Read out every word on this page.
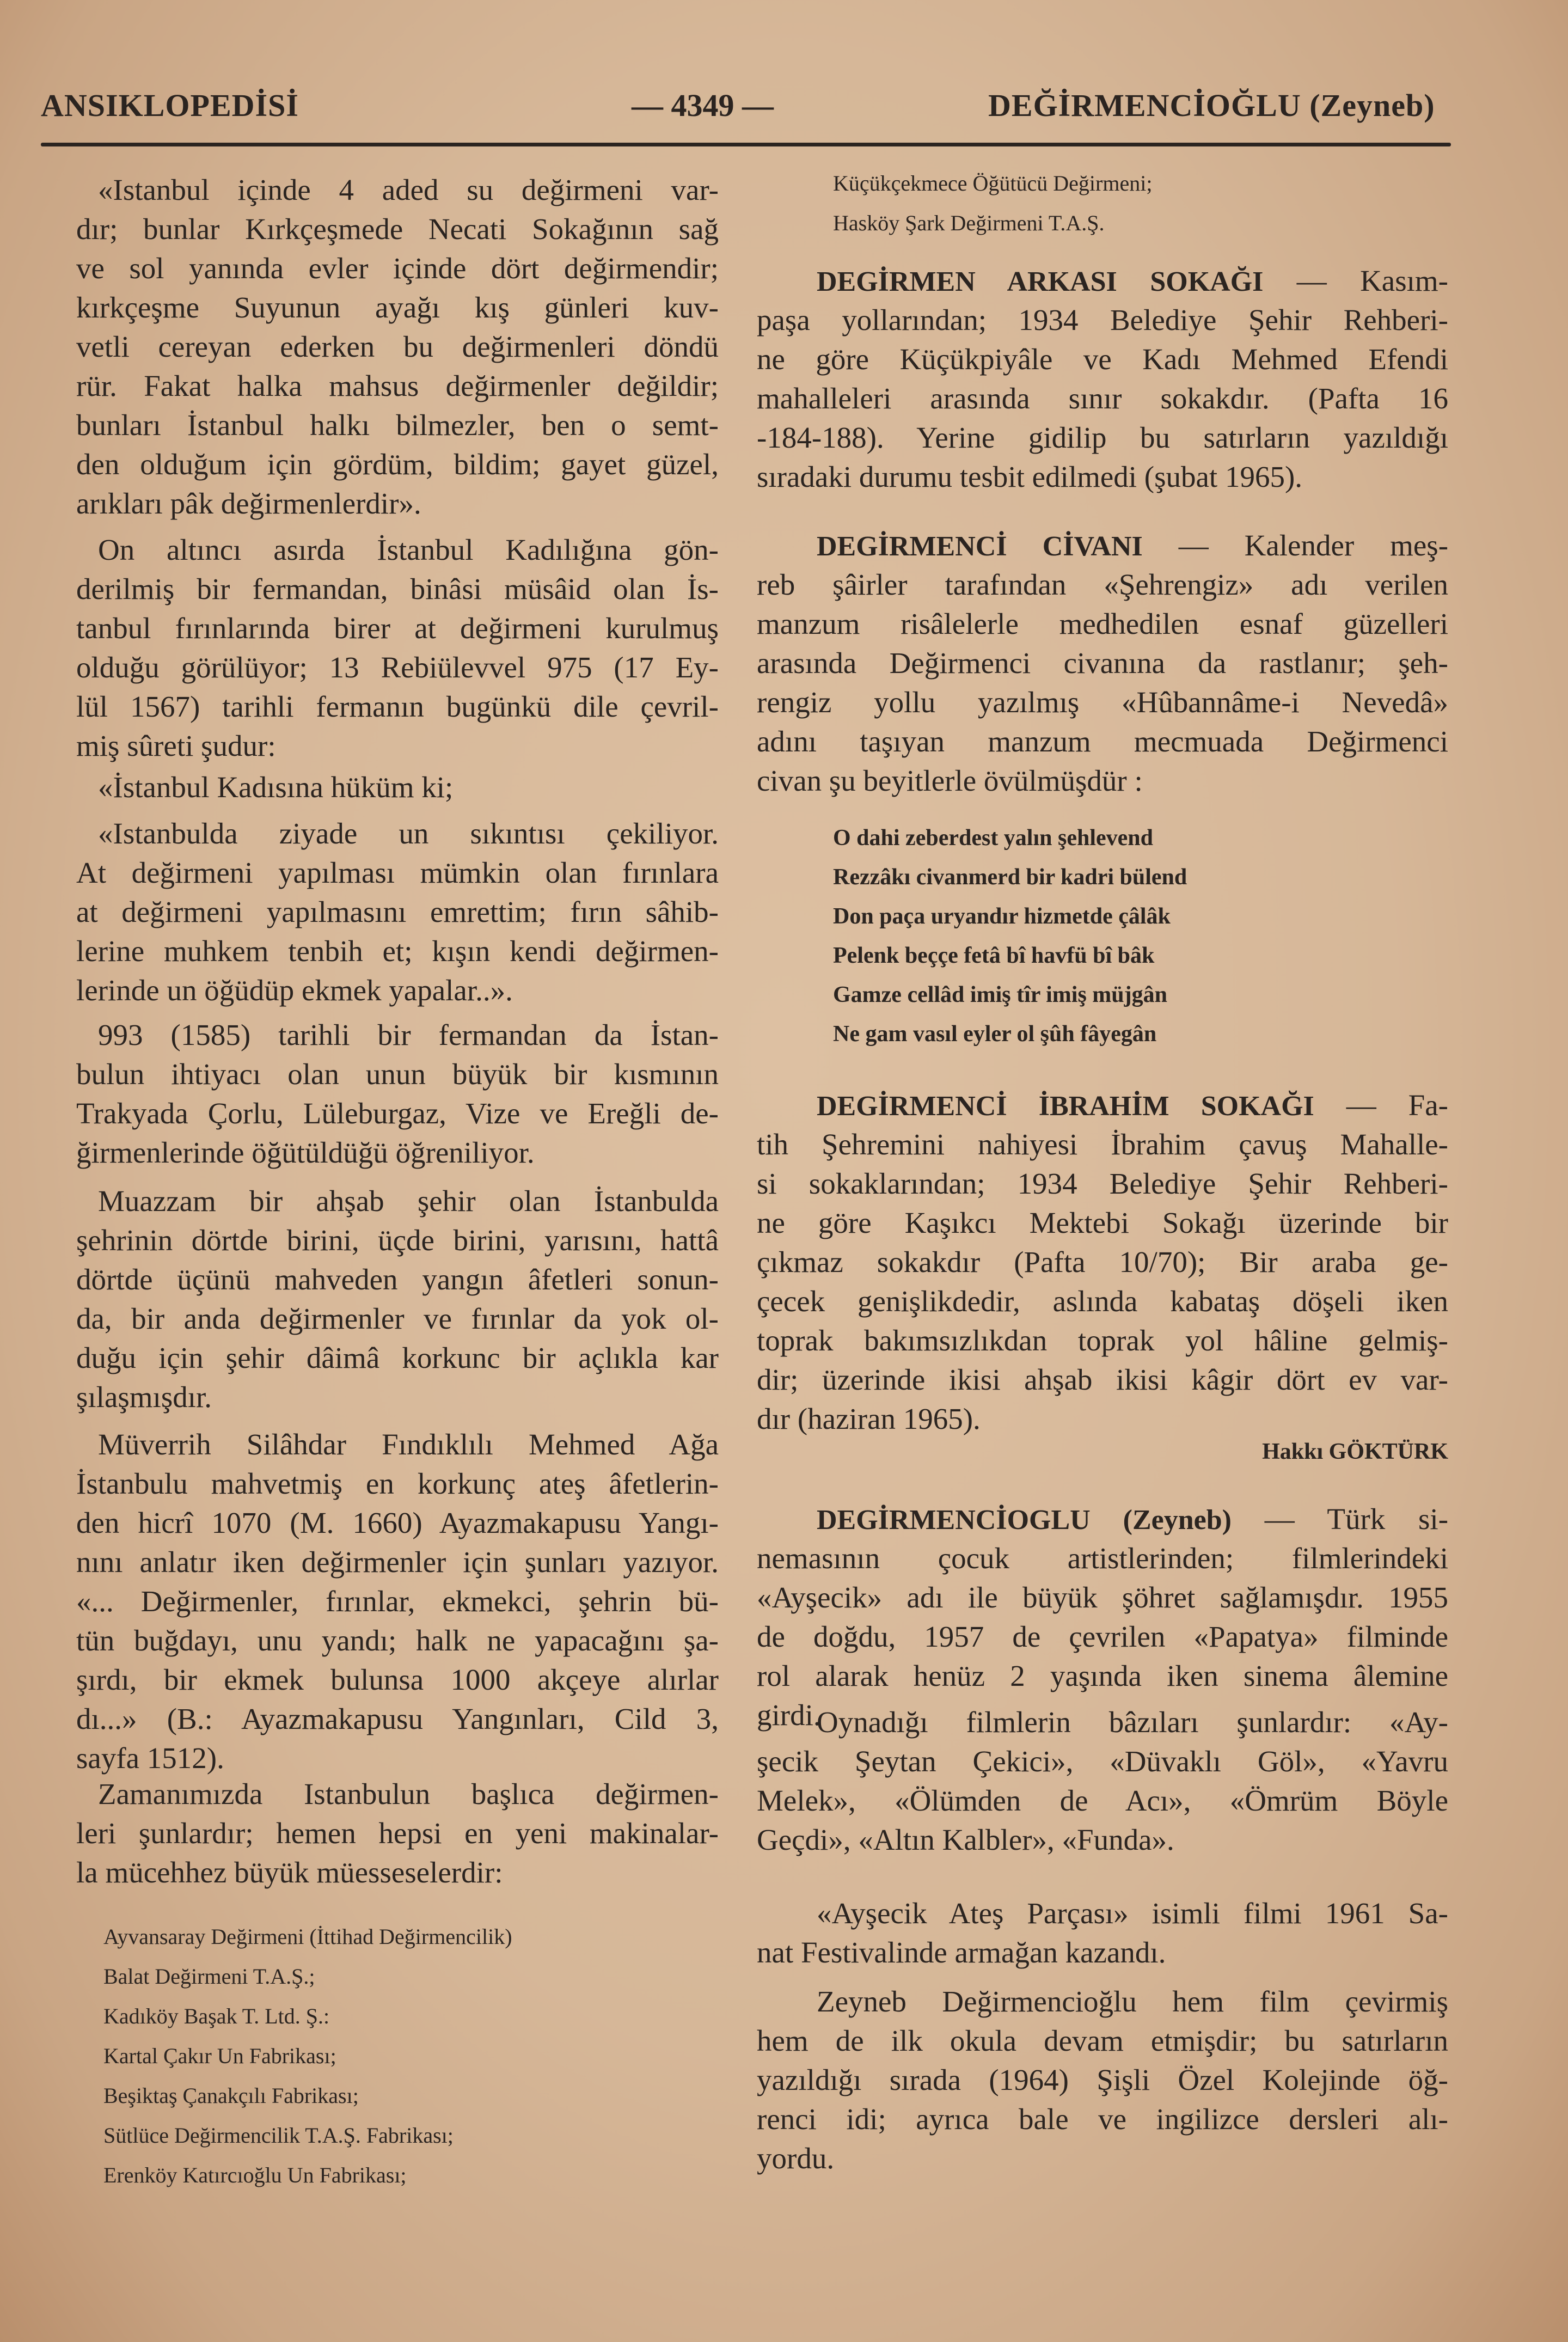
ANSIKLOPEDİSİ	— 4349 —	DEĞİRMENCİOĞLU (Zeyneb)
«Istanbul içinde 4 aded su değirmeni var-
dır; bunlar Kırkçeşmede Necati Sokağının sağ
ve sol yanında evler içinde dört değirmendir;
kırkçeşme Suyunun ayağı kış günleri kuv-
vetli cereyan ederken bu değirmenleri döndü
rür. Fakat halka mahsus değirmenler değildir;
bunları İstanbul halkı bilmezler, ben o semt-
den olduğum için gördüm, bildim; gayet güzel,
arıkları pâk değirmenlerdir».
On altıncı asırda İstanbul Kadılığına gön-
derilmiş bir fermandan, binâsi müsâid olan İs-
tanbul fırınlarında birer at değirmeni kurulmuş
olduğu görülüyor; 13 Rebiülevvel 975 (17 Ey-
lül 1567) tarihli fermanın bugünkü dile çevril-
miş sûreti şudur:
«İstanbul Kadısına hüküm ki;
«Istanbulda ziyade un sıkıntısı çekiliyor.
At değirmeni yapılması mümkin olan fırınlara
at değirmeni yapılmasını emrettim; fırın sâhib-
lerine muhkem tenbih et; kışın kendi değirmen-
lerinde un öğüdüp ekmek yapalar..».
993 (1585) tarihli bir fermandan da İstan-
bulun ihtiyacı olan unun büyük bir kısmının
Trakyada Çorlu, Lüleburgaz, Vize ve Ereğli de-
ğirmenlerinde öğütüldüğü öğreniliyor.
Muazzam bir ahşab şehir olan İstanbulda
şehrinin dörtde birini, üçde birini, yarısını, hattâ
dörtde üçünü mahveden yangın âfetleri sonun-
da, bir anda değirmenler ve fırınlar da yok ol-
duğu için şehir dâimâ korkunc bir açlıkla kar
şılaşmışdır.
Müverrih Silâhdar Fındıklılı Mehmed Ağa
İstanbulu mahvetmiş en korkunç ateş âfetlerin-
den hicrî 1070 (M. 1660) Ayazmakapusu Yangı-
nını anlatır iken değirmenler için şunları yazıyor.
«... Değirmenler, fırınlar, ekmekci, şehrin bü-
tün buğdayı, unu yandı; halk ne yapacağını şa-
şırdı, bir ekmek bulunsa 1000 akçeye alırlar
dı...» (B.: Ayazmakapusu Yangınları, Cild 3,
sayfa 1512).
Zamanımızda Istanbulun başlıca değirmen-
leri şunlardır; hemen hepsi en yeni makinalar-
la mücehhez büyük müesseselerdir:
Ayvansaray Değirmeni (İttihad Değirmencilik)
Balat Değirmeni T.A.Ş.;
Kadıköy Başak T. Ltd. Ş.:
Kartal Çakır Un Fabrikası;
Beşiktaş Çanakçılı Fabrikası;
Sütlüce Değirmencilik T.A.Ş. Fabrikası;
Erenköy Katırcıoğlu Un Fabrikası;
Küçükçekmece Öğütücü Değirmeni;
Hasköy Şark Değirmeni T.A.Ş.
DEGİRMEN ARKASI SOKAĞI — Kasım-
paşa yollarından; 1934 Belediye Şehir Rehberi-
ne göre Küçükpiyâle ve Kadı Mehmed Efendi
mahalleleri arasında sınır sokakdır. (Pafta 16
-184-188). Yerine gidilip bu satırların yazıldığı
sıradaki durumu tesbit edilmedi (şubat 1965).
DEGİRMENCİ CİVANI — Kalender meş-
reb şâirler tarafından «Şehrengiz» adı verilen
manzum risâlelerle medhedilen esnaf güzelleri
arasında Değirmenci civanına da rastlanır; şeh-
rengiz yollu yazılmış «Hûbannâme-i Nevedâ»
adını taşıyan manzum mecmuada Değirmenci
civan şu beyitlerle övülmüşdür :
O dahi zeberdest yalın şehlevend
Rezzâkı civanmerd bir kadri bülend
Don paça uryandır hizmetde çâlâk
Pelenk beççe fetâ bî havfü bî bâk
Gamze cellâd imiş tîr imiş müjgân
Ne gam vasıl eyler ol şûh fâyegân
DEGİRMENCİ İBRAHİM SOKAĞI — Fa-
tih Şehremini nahiyesi İbrahim çavuş Mahalle-
si sokaklarından; 1934 Belediye Şehir Rehberi-
ne göre Kaşıkcı Mektebi Sokağı üzerinde bir
çıkmaz sokakdır (Pafta 10/70); Bir araba ge-
çecek genişlikdedir, aslında kabataş döşeli iken
toprak bakımsızlıkdan toprak yol hâline gelmiş-
dir; üzerinde ikisi ahşab ikisi kâgir dört ev var-
dır (haziran 1965).
Hakkı GÖKTÜRK
DEGİRMENCİOGLU (Zeyneb) — Türk si-
nemasının çocuk artistlerinden; filmlerindeki
«Ayşecik» adı ile büyük şöhret sağlamışdır. 1955
de doğdu, 1957 de çevrilen «Papatya» filminde
rol alarak henüz 2 yaşında iken sinema âlemine
girdi.
Oynadığı filmlerin bâzıları şunlardır: «Ay-
şecik Şeytan Çekici», «Düvaklı Göl», «Yavru
Melek», «Ölümden de Acı», «Ömrüm Böyle
Geçdi», «Altın Kalbler», «Funda».
«Ayşecik Ateş Parçası» isimli filmi 1961 Sa-
nat Festivalinde armağan kazandı.
Zeyneb Değirmencioğlu hem film çevirmiş
hem de ilk okula devam etmişdir; bu satırların
yazıldığı sırada (1964) Şişli Özel Kolejinde öğ-
renci idi; ayrıca bale ve ingilizce dersleri alı-
yordu.
